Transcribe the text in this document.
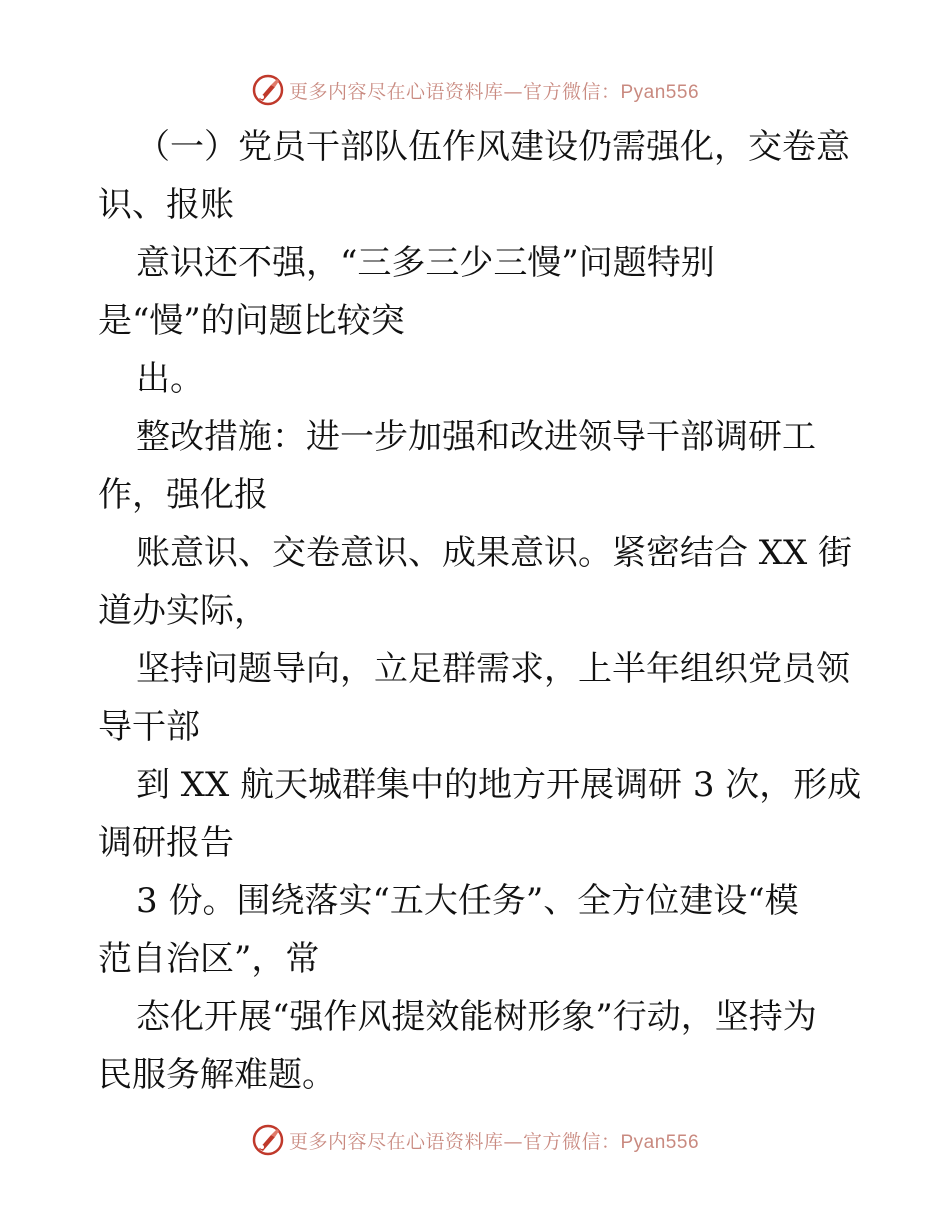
更多内容尽在心语资料库—官方微信：Pyan556
（一）党员干部队伍作风建设仍需强化，交卷意
识、报账
意识还不强，“三多三少三慢”问题特别
是“慢”的问题比较突
出。
整改措施：进一步加强和改进领导干部调研工
作，强化报
账意识、交卷意识、成果意识。紧密结合 XX 街
道办实际，
坚持问题导向，立足群需求，上半年组织党员领
导干部
到 XX 航天城群集中的地方开展调研 3 次，形成
调研报告
3 份。围绕落实“五大任务”、全方位建设“模
范自治区”，常
态化开展“强作风提效能树形象”行动，坚持为
民服务解难题。
更多内容尽在心语资料库—官方微信：Pyan556
